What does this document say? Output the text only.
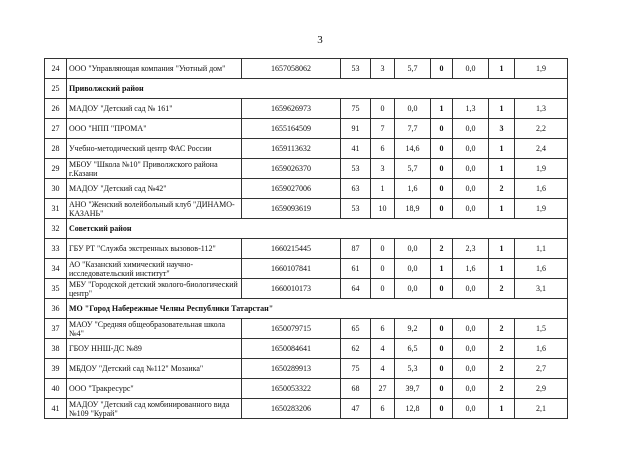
3
24	ООО "Управляющая компания "Уютный дом"	1657058062	53	3	5,7	0	0,0	1	1,9
25	Приволжский район								
26	МАДОУ "Детский сад № 161"	1659626973	75	0	0,0	1	1,3	1	1,3
27	ООО "НПП "ПРОМА"	1655164509	91	7	7,7	0	0,0	3	2,2
28	Учебно-методический центр ФАС России	1659113632	41	6	14,6	0	0,0	1	2,4
29	МБОУ "Школа №10" Приволжского района г.Казани	1659026370	53	3	5,7	0	0,0	1	1,9
30	МАДОУ "Детский сад №42"	1659027006	63	1	1,6	0	0,0	2	1,6
31	АНО "Женский волейбольный клуб "ДИНАМО-КАЗАНЬ"	1659093619	53	10	18,9	0	0,0	1	1,9
32	Советский район								
33	ГБУ РТ "Служба экстренных вызовов-112"	1660215445	87	0	0,0	2	2,3	1	1,1
34	АО "Казанский химический научно-исследовательский институт"	1660107841	61	0	0,0	1	1,6	1	1,6
35	МБУ "Городской детский эколого-биологический центр"	1660010173	64	0	0,0	0	0,0	2	3,1
36	МО "Город Набережные Челны Республики Татарстан"								
37	МАОУ "Средняя общеобразовательная школа №4"	1650079715	65	6	9,2	0	0,0	2	1,5
38	ГБОУ ННШ-ДС №89	1650084641	62	4	6,5	0	0,0	2	1,6
39	МБДОУ "Детский сад №112" Мозаика"	1650289913	75	4	5,3	0	0,0	2	2,7
40	ООО "Тракресурс"	1650053322	68	27	39,7	0	0,0	2	2,9
41	МАДОУ "Детский сад комбинированного вида №109 "Курай"	1650283206	47	6	12,8	0	0,0	1	2,1
